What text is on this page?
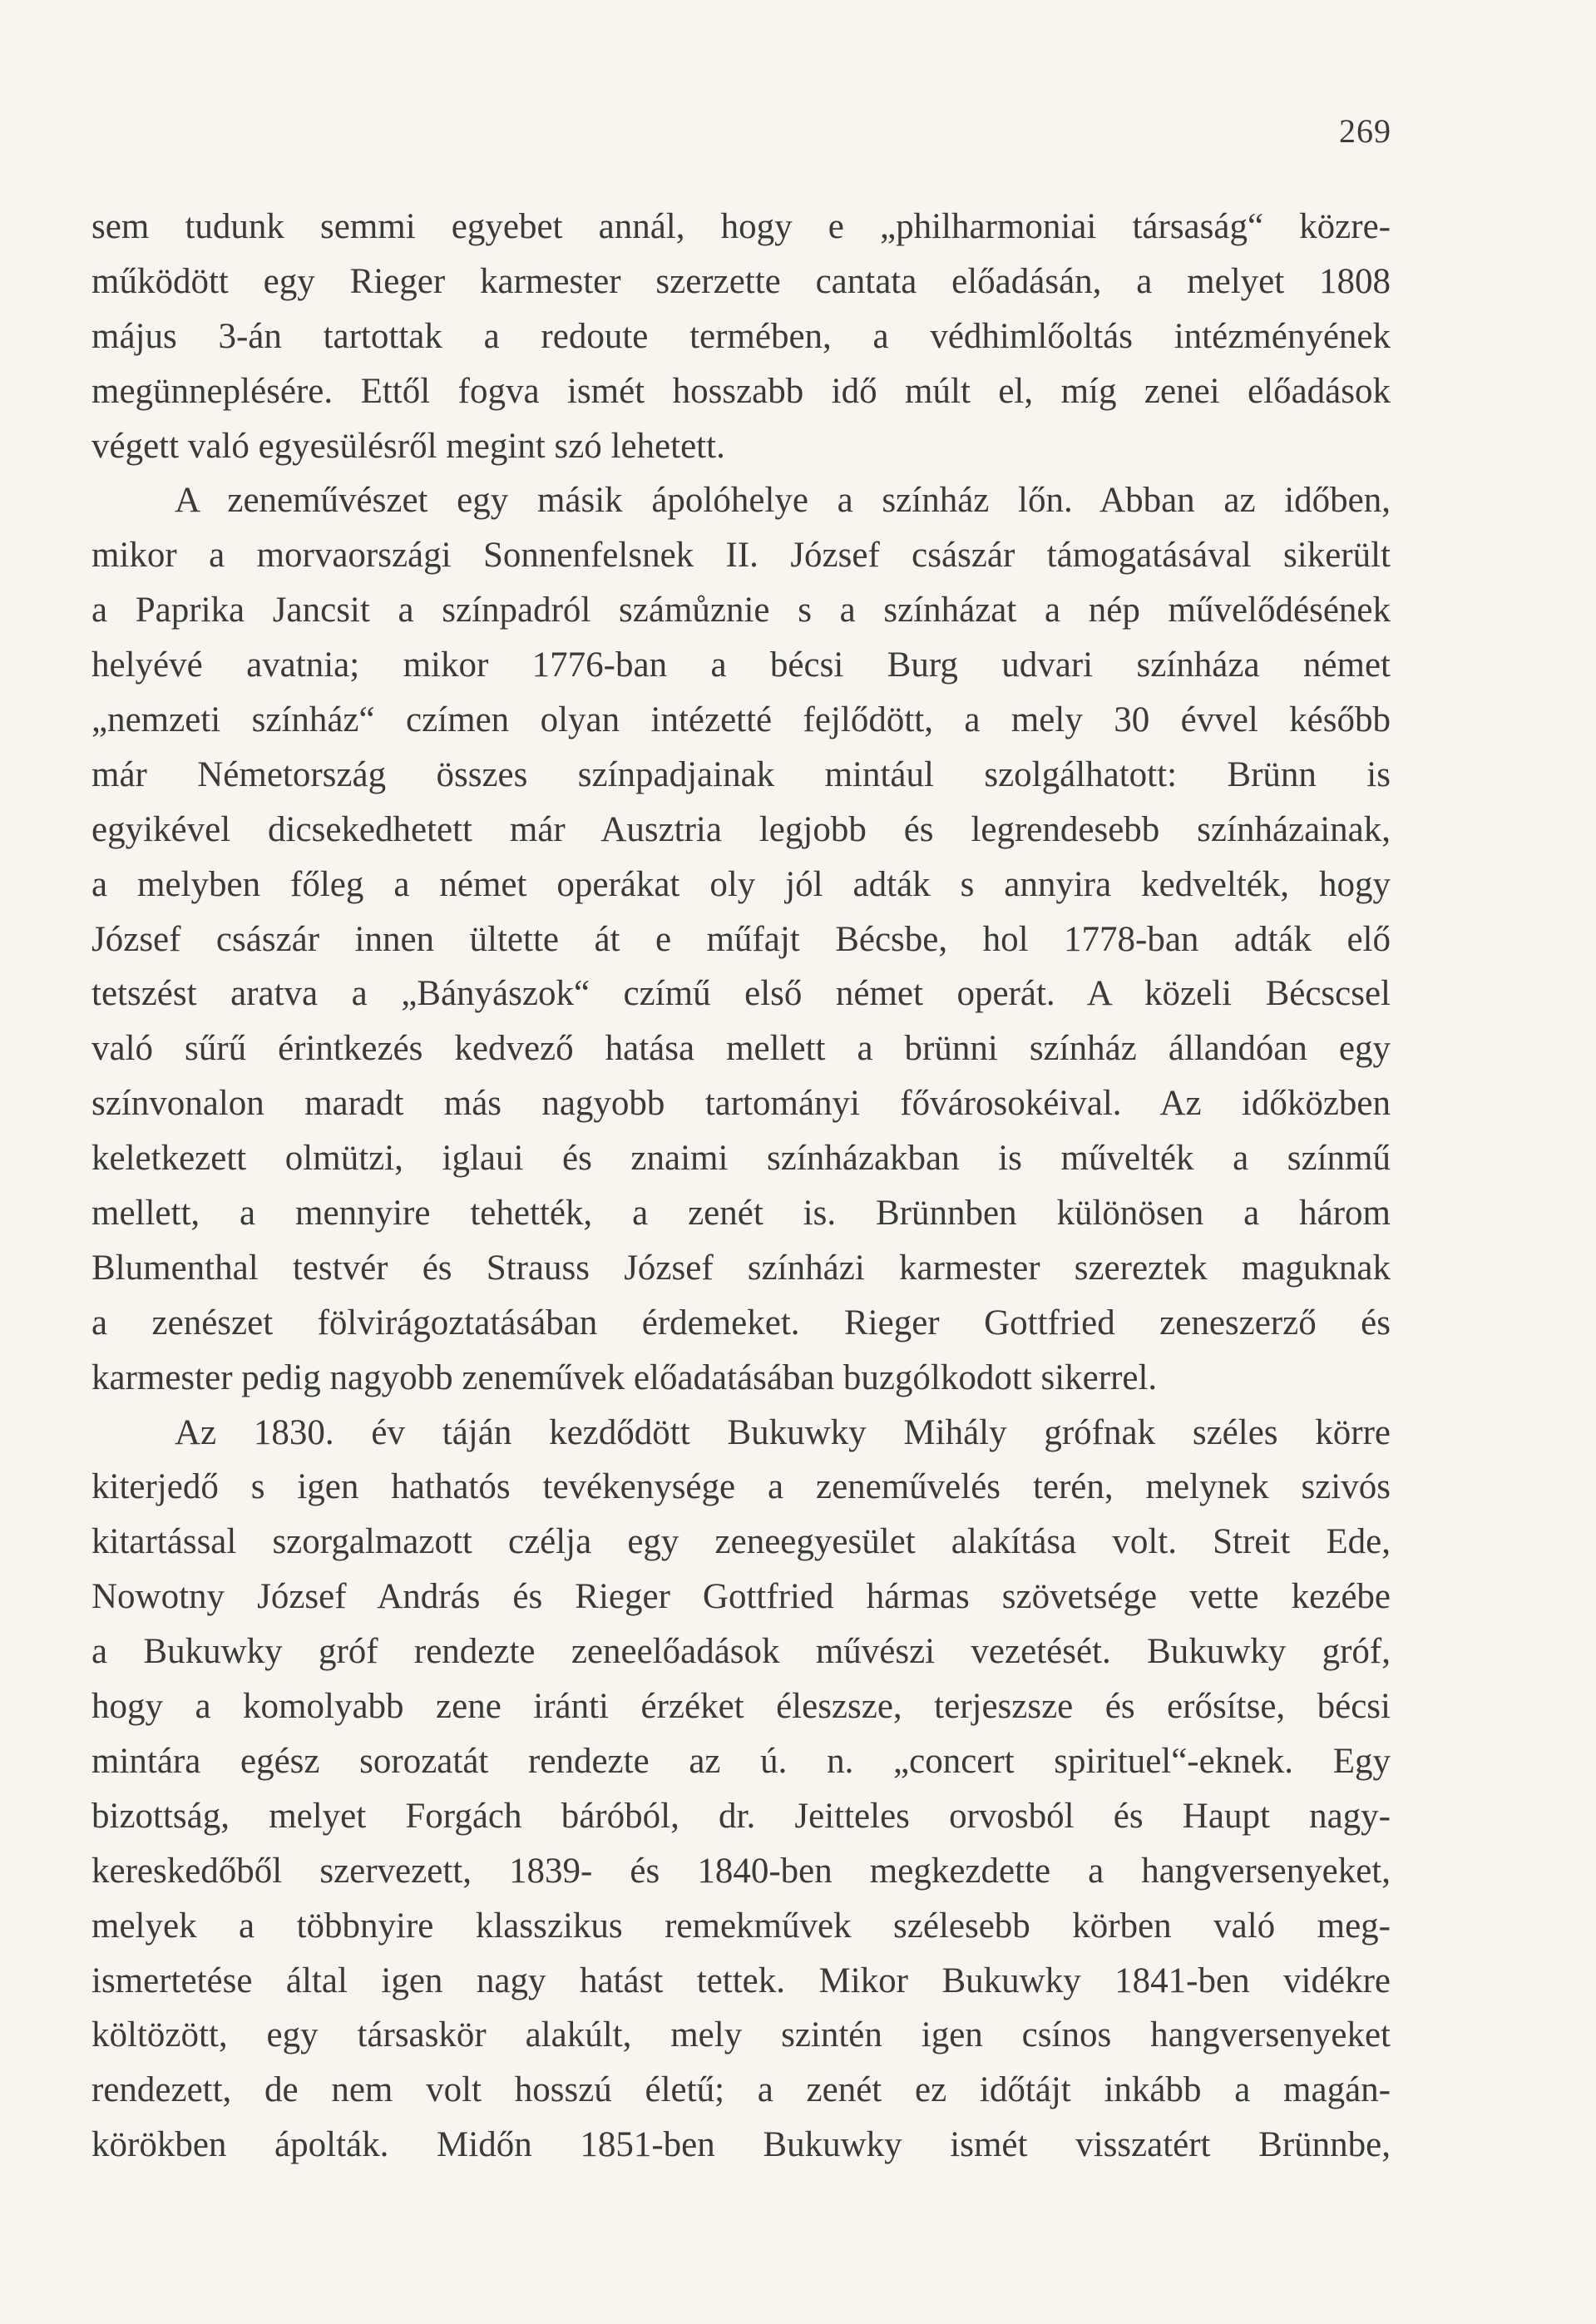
269
sem tudunk semmi egyebet annál, hogy e „philharmoniai társaság“ közre-
működött egy Rieger karmester szerzette cantata előadásán, a melyet 1808
május 3-án tartottak a redoute termében, a védhimlőoltás intézményének
megünneplésére. Ettől fogva ismét hosszabb idő múlt el, míg zenei előadások
végett való egyesülésről megint szó lehetett.
A zeneművészet egy másik ápolóhelye a színház lőn. Abban az időben,
mikor a morvaországi Sonnenfelsnek II. József császár támogatásával sikerült
a Paprika Jancsit a színpadról számůznie s a színházat a nép művelődésének
helyévé avatnia; mikor 1776-ban a bécsi Burg udvari színháza német
„nemzeti színház“ czímen olyan intézetté fejlődött, a mely 30 évvel később
már Németország összes színpadjainak mintául szolgálhatott: Brünn is
egyikével dicsekedhetett már Ausztria legjobb és legrendesebb színházainak,
a melyben főleg a német operákat oly jól adták s annyira kedvelték, hogy
József császár innen ültette át e műfajt Bécsbe, hol 1778-ban adták elő
tetszést aratva a „Bányászok“ czímű első német operát. A közeli Bécscsel
való sűrű érintkezés kedvező hatása mellett a brünni színház állandóan egy
színvonalon maradt más nagyobb tartományi fővárosokéival. Az időközben
keletkezett olmützi, iglaui és znaimi színházakban is művelték a színmű
mellett, a mennyire tehették, a zenét is. Brünnben különösen a három
Blumenthal testvér és Strauss József színházi karmester szereztek maguknak
a zenészet fölvirágoztatásában érdemeket. Rieger Gottfried zeneszerző és
karmester pedig nagyobb zeneművek előadatásában buzgólkodott sikerrel.
Az 1830. év táján kezdődött Bukuwky Mihály grófnak széles körre
kiterjedő s igen hathatós tevékenysége a zeneművelés terén, melynek szivós
kitartással szorgalmazott czélja egy zeneegyesület alakítása volt. Streit Ede,
Nowotny József András és Rieger Gottfried hármas szövetsége vette kezébe
a Bukuwky gróf rendezte zeneelőadások művészi vezetését. Bukuwky gróf,
hogy a komolyabb zene iránti érzéket éleszsze, terjeszsze és erősítse, bécsi
mintára egész sorozatát rendezte az ú. n. „concert spirituel“-eknek. Egy
bizottság, melyet Forgách báróból, dr. Jeitteles orvosból és Haupt nagy-
kereskedőből szervezett, 1839- és 1840-ben megkezdette a hangversenyeket,
melyek a többnyire klasszikus remekművek szélesebb körben való meg-
ismertetése által igen nagy hatást tettek. Mikor Bukuwky 1841-ben vidékre
költözött, egy társaskör alakúlt, mely szintén igen csínos hangversenyeket
rendezett, de nem volt hosszú életű; a zenét ez időtájt inkább a magán-
körökben ápolták. Midőn 1851-ben Bukuwky ismét visszatért Brünnbe,
